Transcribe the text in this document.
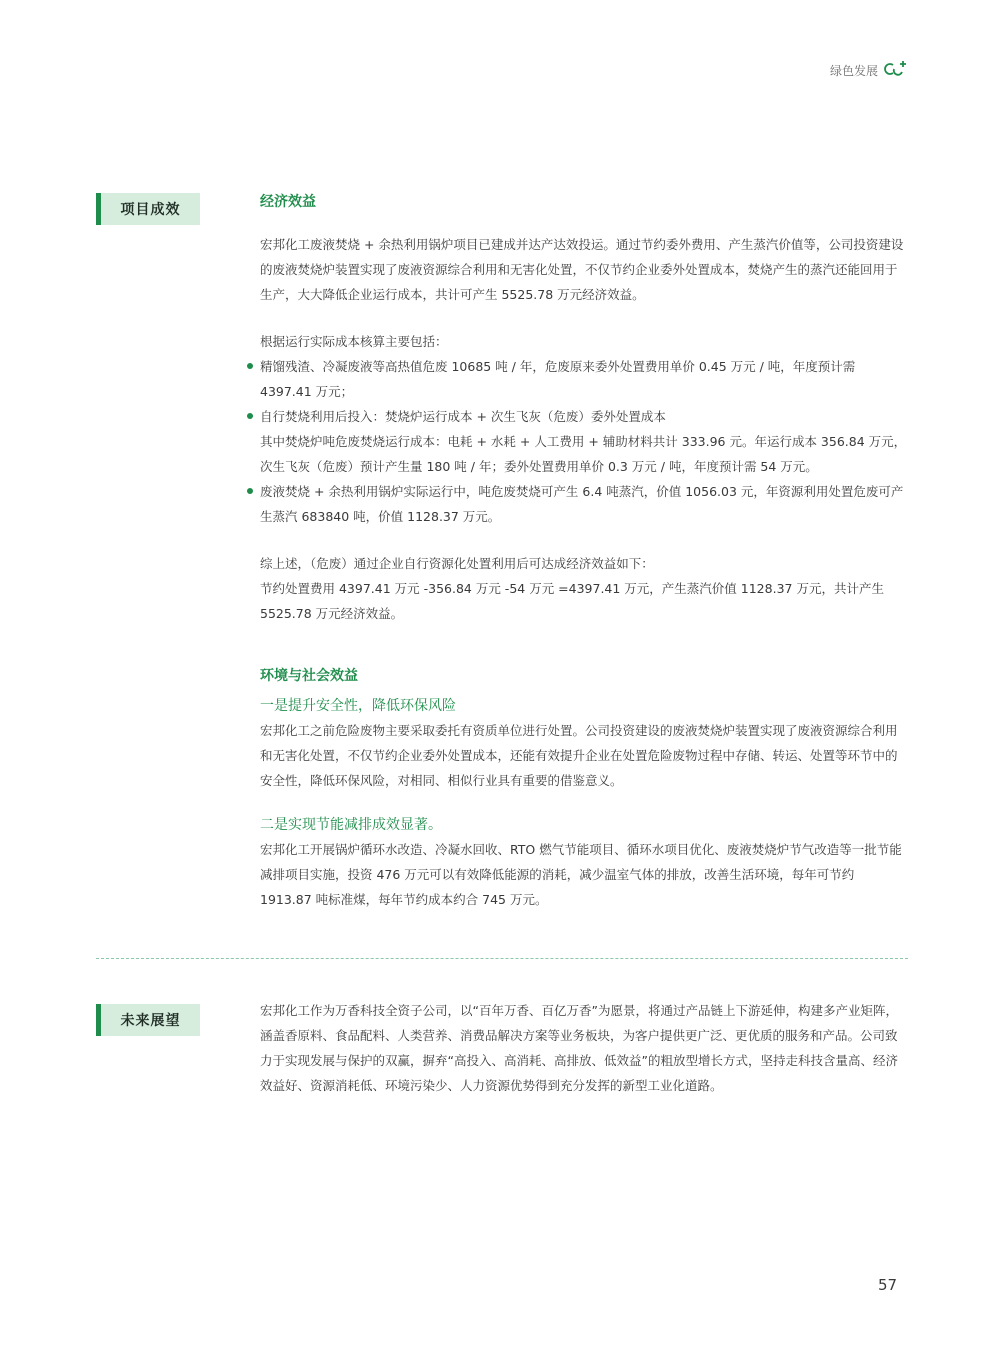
绿色发展
项目成效	经济效益

宏邦化工废液焚烧 + 余热利用锅炉项目已建成并达产达效投运。通过节约委外费用、产生蒸汽价值等，公司投资建设的废液焚烧炉装置实现了废液资源综合利用和无害化处置，不仅节约企业委外处置成本，焚烧产生的蒸汽还能回用于生产，大大降低企业运行成本，共计可产生 5525.78 万元经济效益。

根据运行实际成本核算主要包括：

精馏残渣、冷凝废液等高热值危废 10685 吨 / 年，危废原来委外处置费用单价 0.45 万元 / 吨，年度预计需 4397.41 万元；

自行焚烧利用后投入：焚烧炉运行成本 + 次生飞灰（危废）委外处置成本

其中焚烧炉吨危废焚烧运行成本：电耗 + 水耗 + 人工费用 + 辅助材料共计 333.96 元。年运行成本 356.84 万元，次生飞灰（危废）预计产生量 180 吨 / 年；委外处置费用单价 0.3 万元 / 吨，年度预计需 54 万元。

废液焚烧 + 余热利用锅炉实际运行中，吨危废焚烧可产生 6.4 吨蒸汽，价值 1056.03 元，年资源利用处置危废可产生蒸汽 683840 吨，价值 1128.37 万元。

综上述，（危废）通过企业自行资源化处置利用后可达成经济效益如下：

节约处置费用 4397.41 万元 -356.84 万元 -54 万元 =4397.41 万元，产生蒸汽价值 1128.37 万元，共计产生 5525.78 万元经济效益。

环境与社会效益

一是提升安全性，降低环保风险

宏邦化工之前危险废物主要采取委托有资质单位进行处置。公司投资建设的废液焚烧炉装置实现了废液资源综合利用和无害化处置，不仅节约企业委外处置成本，还能有效提升企业在处置危险废物过程中存储、转运、处置等环节中的安全性，降低环保风险，对相同、相似行业具有重要的借鉴意义。

二是实现节能减排成效显著。

宏邦化工开展锅炉循环水改造、冷凝水回收、RTO 燃气节能项目、循环水项目优化、废液焚烧炉节气改造等一批节能减排项目实施，投资 476 万元可以有效降低能源的消耗，减少温室气体的排放，改善生活环境，每年可节约 1913.87 吨标准煤，每年节约成本约合 745 万元。

未来展望

宏邦化工作为万香科技全资子公司，以“百年万香、百亿万香”为愿景，将通过产品链上下游延伸，构建多产业矩阵，涵盖香原料、食品配料、人类营养、消费品解决方案等业务板块，为客户提供更广泛、更优质的服务和产品。公司致力于实现发展与保护的双赢，摒弃“高投入、高消耗、高排放、低效益”的粗放型增长方式，坚持走科技含量高、经济效益好、资源消耗低、环境污染少、人力资源优势得到充分发挥的新型工业化道路。

57
